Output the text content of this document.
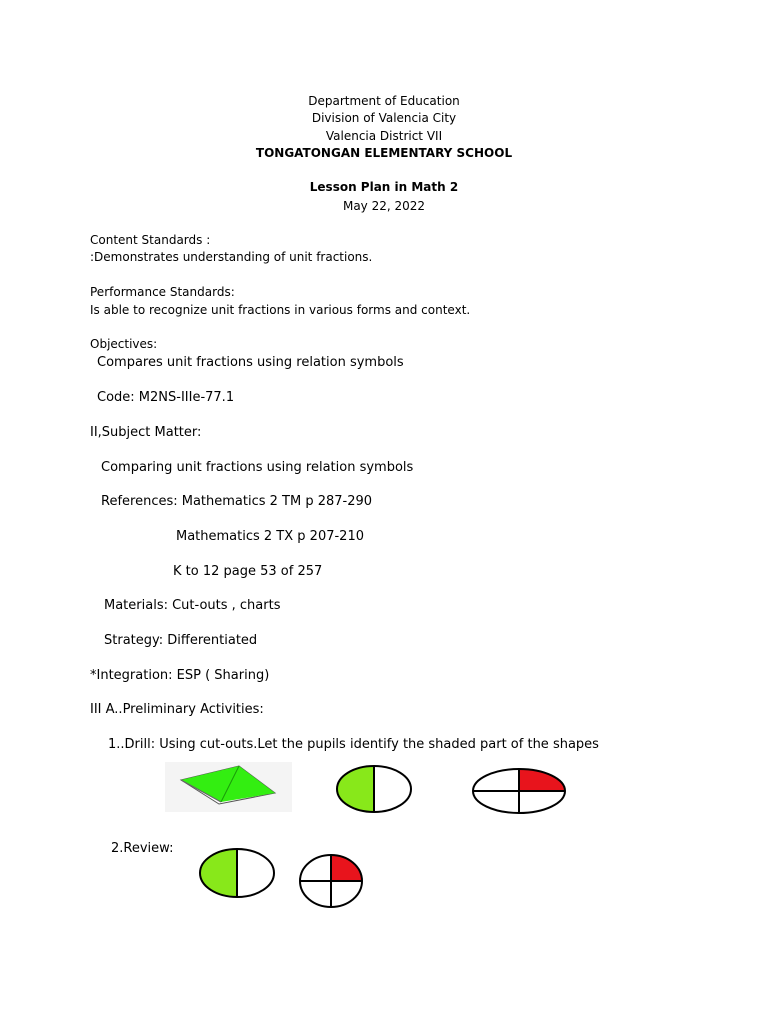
Department of Education
Division of Valencia City
Valencia District VII
TONGATONGAN ELEMENTARY SCHOOL
Lesson Plan in Math 2
May 22, 2022
Content Standards :
:Demonstrates understanding of unit fractions.
Performance Standards:
Is able to recognize unit fractions in various forms and context.
Objectives:
Compares unit fractions using relation symbols
Code: M2NS-IIIe-77.1
II,Subject Matter:
Comparing unit fractions using relation symbols
References: Mathematics 2 TM p 287-290
Mathematics 2 TX p 207-210
K to 12 page 53 of 257
Materials: Cut-outs , charts
Strategy: Differentiated
*Integration: ESP ( Sharing)
III A..Preliminary Activities:
1..Drill: Using cut-outs.Let the pupils identify the shaded part of the shapes
2.Review:
